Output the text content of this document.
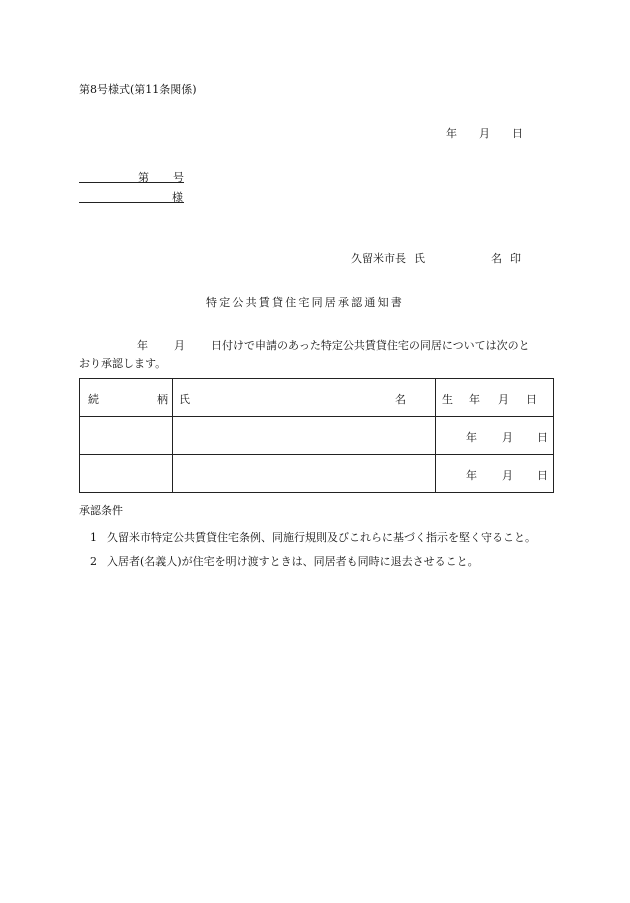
第8号様式(第11条関係)
年 月 日
第 号
様
久留米市長 氏	名 印
特定公共賃貸住宅同居承認通知書
年 月 日付けで申請のあった特定公共賃貸住宅の同居については次のと
おり承認します。
続 柄	氏 名	生 年 月 日

		年 月 日

		年 月 日
承認条件
1 久留米市特定公共賃貸住宅条例、同施行規則及びこれらに基づく指示を堅く守ること。
2 入居者(名義人)が住宅を明け渡すときは、同居者も同時に退去させること。
